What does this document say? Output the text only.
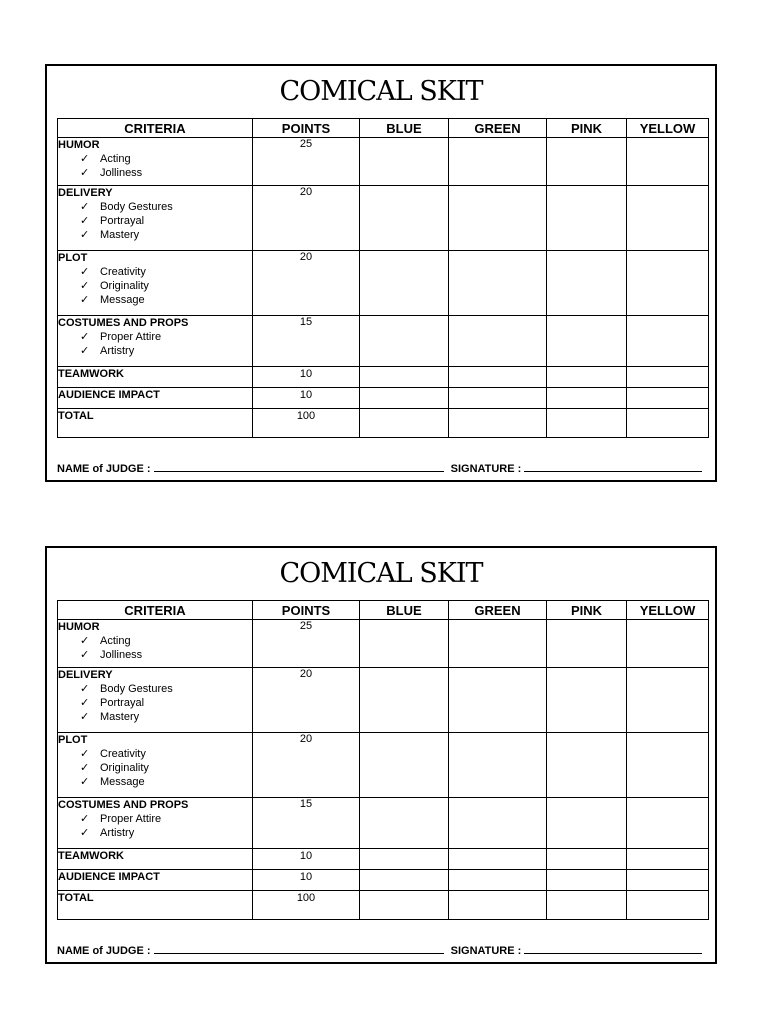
COMICAL SKIT
CRITERIA	POINTS	BLUE	GREEN	PINK	YELLOW

HUMOR
✓ Acting
✓ Jolliness	25				

DELIVERY
✓ Body Gestures
✓ Portrayal
✓ Mastery	20				

PLOT
✓ Creativity
✓ Originality
✓ Message	20				

COSTUMES AND PROPS
✓ Proper Attire
✓ Artistry	15				

TEAMWORK	10				

AUDIENCE IMPACT	10				
TOTAL	100				
NAME of JUDGE :	SIGNATURE :
COMICAL SKIT
CRITERIA	POINTS	BLUE	GREEN	PINK	YELLOW

HUMOR
✓ Acting
✓ Jolliness	25				

DELIVERY
✓ Body Gestures
✓ Portrayal
✓ Mastery	20				

PLOT
✓ Creativity
✓ Originality
✓ Message	20				

COSTUMES AND PROPS
✓ Proper Attire
✓ Artistry	15				

TEAMWORK	10				

AUDIENCE IMPACT	10				
TOTAL	100				
NAME of JUDGE :	SIGNATURE :
